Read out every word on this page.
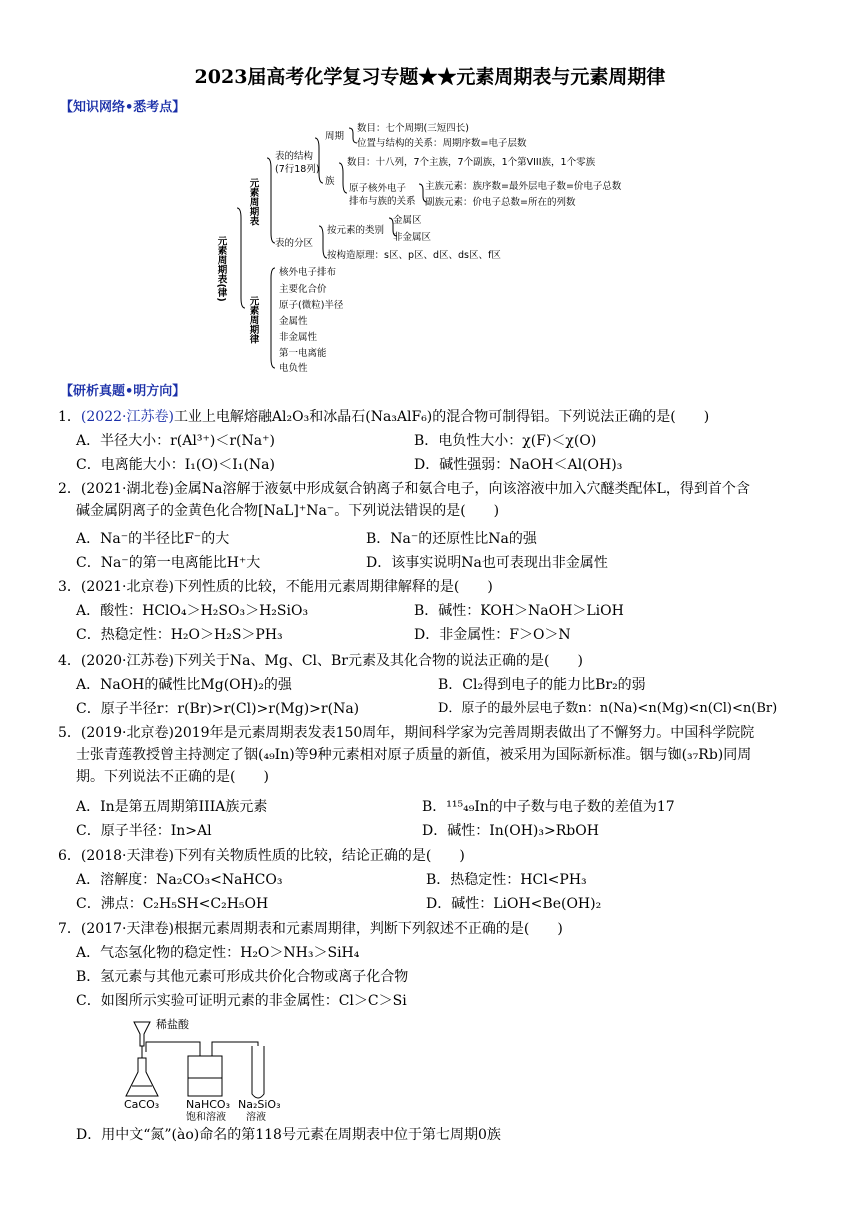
2023届高考化学复习专题★★元素周期表与元素周期律
【知识网络•悉考点】
元素周期表(律)
元素周期表
表的结构
(7行18列)
周期
数目：七个周期(三短四长)
位置与结构的关系：周期序数=电子层数
族
数目：十八列，7个主族，7个副族，1个第VIII族，1个零族
原子核外电子
排布与族的关系
主族元素：族序数=最外层电子数=价电子总数
副族元素：价电子总数=所在的列数
表的分区
按元素的类别
金属区
非金属区
按构造原理：s区、p区、d区、ds区、f区
元素周期律
核外电子排布
主要化合价
原子(微粒)半径
金属性
非金属性
第一电离能
电负性
【研析真题•明方向】
1．(2022·江苏卷)工业上电解熔融Al₂O₃和冰晶石(Na₃AlF₆)的混合物可制得铝。下列说法正确的是(　　)
A．半径大小：r(Al³⁺)＜r(Na⁺)	B．电负性大小：χ(F)＜χ(O)
C．电离能大小：I₁(O)＜I₁(Na)	D．碱性强弱：NaOH＜Al(OH)₃
2．(2021·湖北卷)金属Na溶解于液氨中形成氨合钠离子和氨合电子，向该溶液中加入穴醚类配体L，得到首个含
碱金属阴离子的金黄色化合物[NaL]⁺Na⁻。下列说法错误的是(　　)
A．Na⁻的半径比F⁻的大	B．Na⁻的还原性比Na的强
C．Na⁻的第一电离能比H⁺大	D．该事实说明Na也可表现出非金属性
3．(2021·北京卷)下列性质的比较，不能用元素周期律解释的是(　　)
A．酸性：HClO₄＞H₂SO₃＞H₂SiO₃	B．碱性：KOH＞NaOH＞LiOH
C．热稳定性：H₂O＞H₂S＞PH₃	D．非金属性：F＞O＞N
4．(2020·江苏卷)下列关于Na、Mg、Cl、Br元素及其化合物的说法正确的是(　　)
A．NaOH的碱性比Mg(OH)₂的强	B．Cl₂得到电子的能力比Br₂的弱
C．原子半径r：r(Br)>r(Cl)>r(Mg)>r(Na)	D．原子的最外层电子数n：n(Na)<n(Mg)<n(Cl)<n(Br)
5．(2019·北京卷)2019年是元素周期表发表150周年，期间科学家为完善周期表做出了不懈努力。中国科学院院
士张青莲教授曾主持测定了铟(₄₉In)等9种元素相对原子质量的新值，被采用为国际新标准。铟与铷(₃₇Rb)同周
期。下列说法不正确的是(　　)
A．In是第五周期第IIIA族元素	B．¹¹⁵₄₉In的中子数与电子数的差值为17
C．原子半径：In>Al	D．碱性：In(OH)₃>RbOH
6．(2018·天津卷)下列有关物质性质的比较，结论正确的是(　　)
A．溶解度：Na₂CO₃<NaHCO₃	B．热稳定性：HCl<PH₃
C．沸点：C₂H₅SH<C₂H₅OH	D．碱性：LiOH<Be(OH)₂
7．(2017·天津卷)根据元素周期表和元素周期律，判断下列叙述不正确的是(　　)
A．气态氢化物的稳定性：H₂O＞NH₃＞SiH₄
B．氢元素与其他元素可形成共价化合物或离子化合物
C．如图所示实验可证明元素的非金属性：Cl＞C＞Si
D．用中文“氮”(ào)命名的第118号元素在周期表中位于第七周期0族
稀盐酸
CaCO₃ NaHCO₃
饱和溶液
Na₂SiO₃
溶液
